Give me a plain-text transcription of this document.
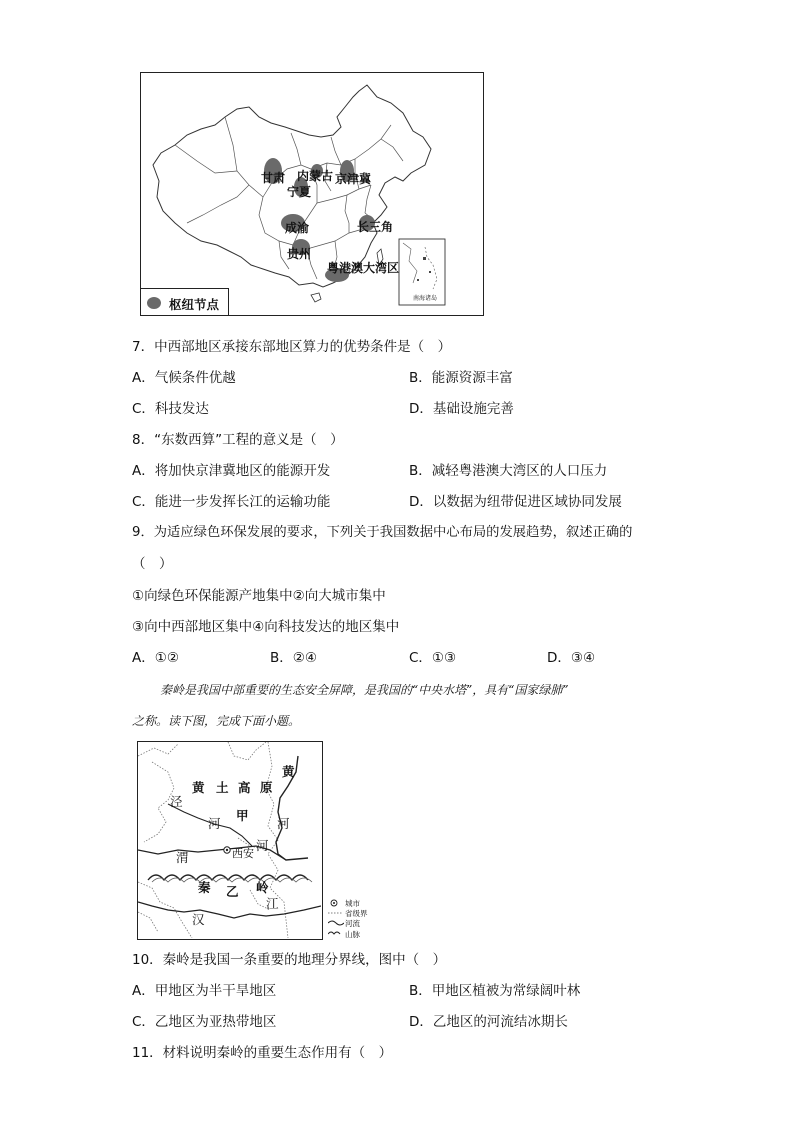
甘肃 内蒙古
宁夏
京津冀
成渝	长三角
贵州
粤港澳大湾区
南海诸岛
枢纽节点
7．中西部地区承接东部地区算力的优势条件是（　）
A．气候条件优越	B．能源资源丰富
C．科技发达	D．基础设施完善
8．“东数西算”工程的意义是（　）
A．将加快京津冀地区的能源开发	B．减轻粤港澳大湾区的人口压力
C．能进一步发挥长江的运输功能	D．以数据为纽带促进区域协同发展
9．为适应绿色环保发展的要求，下列关于我国数据中心布局的发展趋势，叙述正确的
（　）
①向绿色环保能源产地集中②向大城市集中
③向中西部地区集中④向科技发达的地区集中
A．①②	B．②④	C．①③	D．③④
秦岭是我国中部重要的生态安全屏障，是我国的“中央水塔”，具有“国家绿肺”
之称。读下图，完成下面小题。
黄 土 高 原
黄
泾
甲
河	河
渭	西安
河
秦 乙 岭
汉
江	城市
省级界
河流
山脉
10．秦岭是我国一条重要的地理分界线，图中（　）
A．甲地区为半干旱地区	B．甲地区植被为常绿阔叶林
C．乙地区为亚热带地区	D．乙地区的河流结冰期长
11．材料说明秦岭的重要生态作用有（　）
